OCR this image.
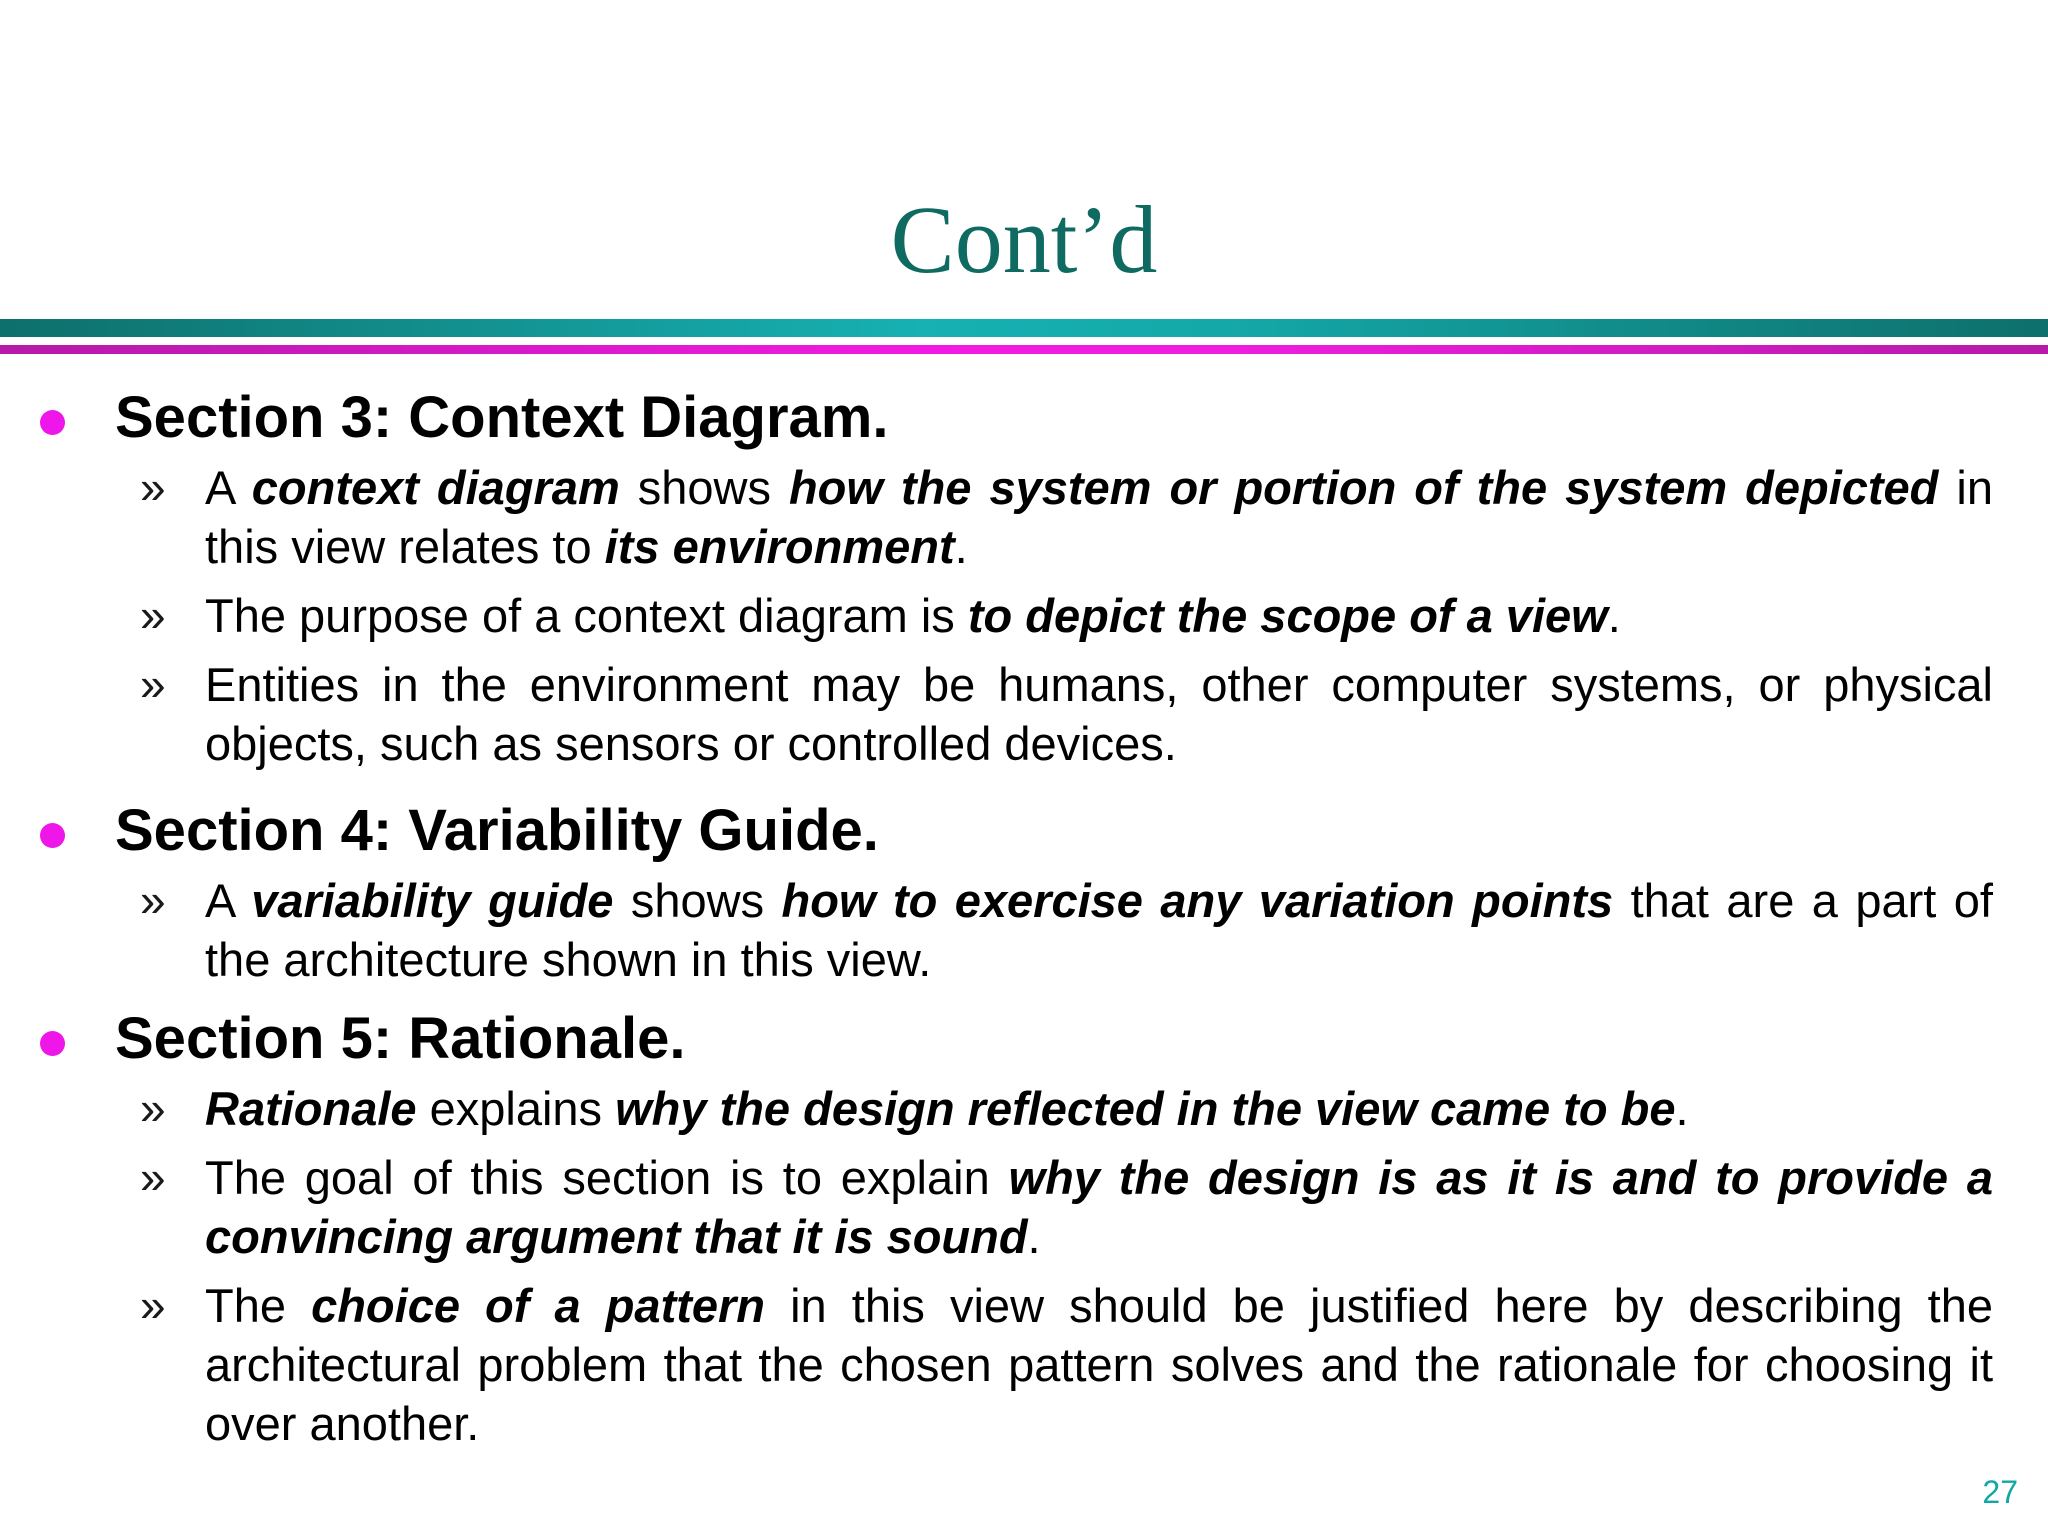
Cont’d
Section 3: Context Diagram.
» A context diagram shows how the system or portion of the system depicted in this view relates to its environment.
» The purpose of a context diagram is to depict the scope of a view.
» Entities in the environment may be humans, other computer systems, or physical objects, such as sensors or controlled devices.
Section 4: Variability Guide.
» A variability guide shows how to exercise any variation points that are a part of the architecture shown in this view.
Section 5: Rationale.
» Rationale explains why the design reflected in the view came to be.
» The goal of this section is to explain why the design is as it is and to provide a convincing argument that it is sound.
» The choice of a pattern in this view should be justified here by describing the architectural problem that the chosen pattern solves and the rationale for choosing it over another.
27
